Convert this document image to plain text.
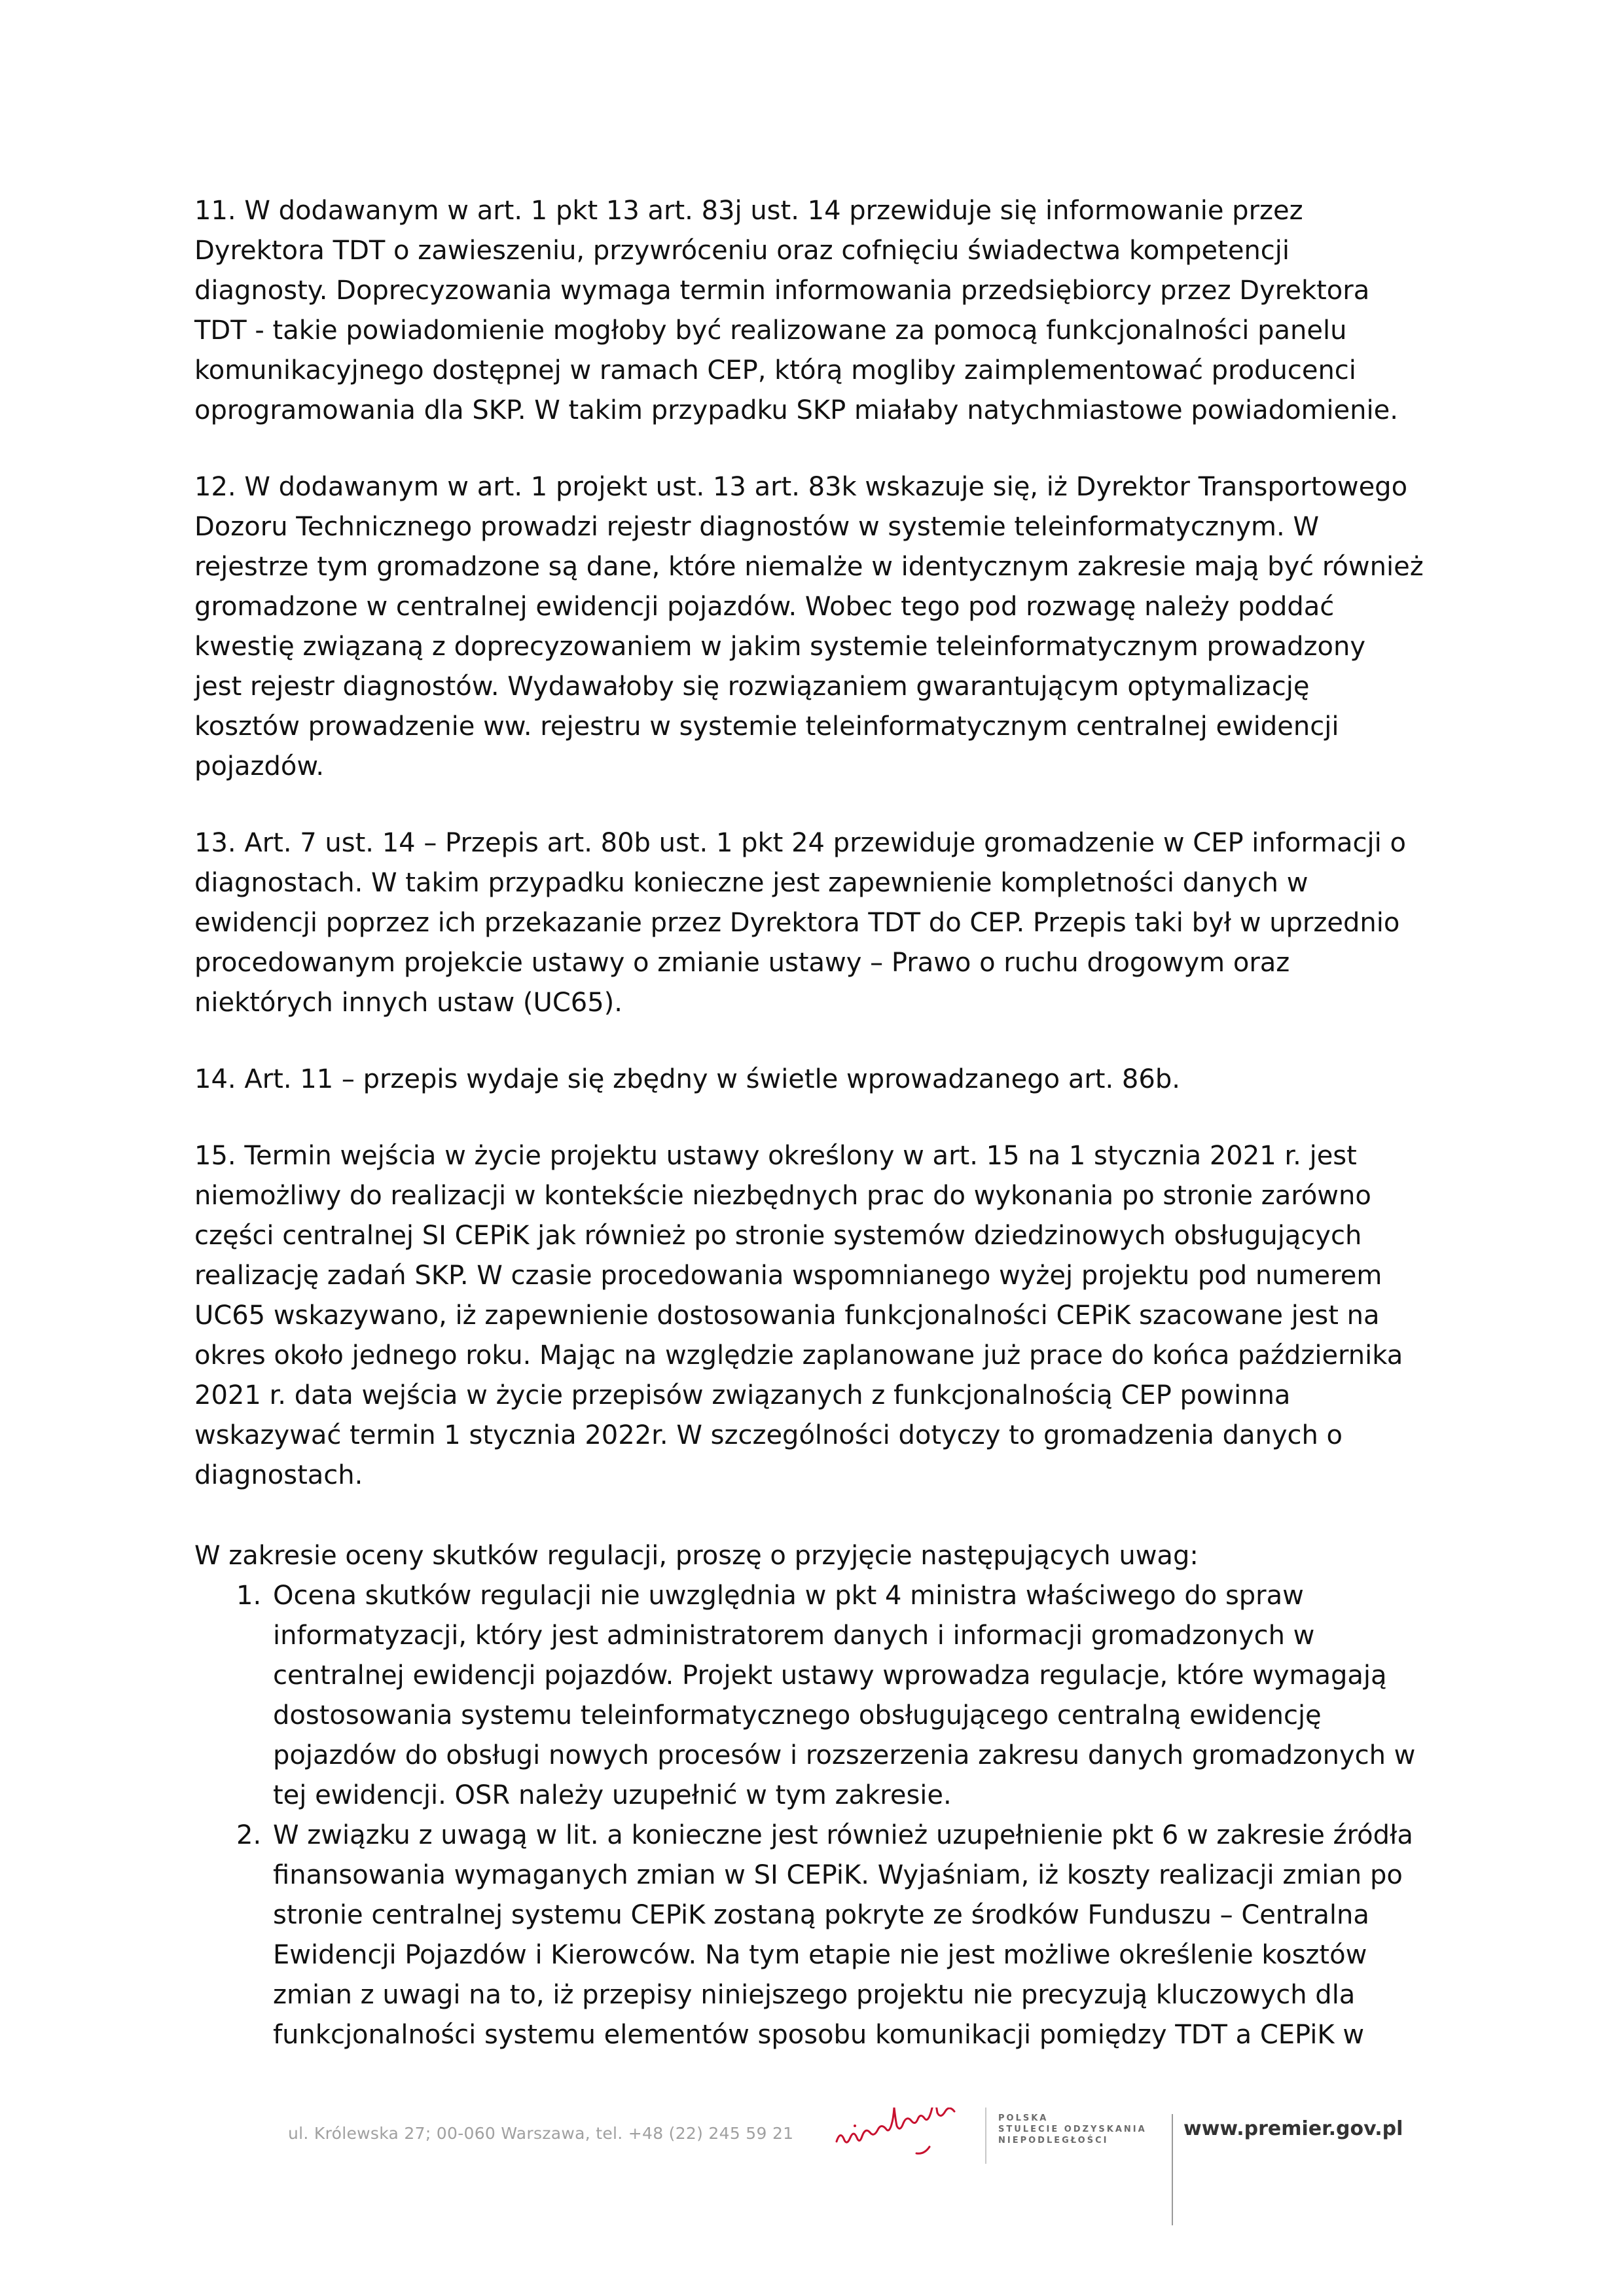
11. W dodawanym w art. 1 pkt 13 art. 83j ust. 14 przewiduje się informowanie przez
Dyrektora TDT o zawieszeniu, przywróceniu oraz cofnięciu świadectwa kompetencji
diagnosty. Doprecyzowania wymaga termin informowania przedsiębiorcy przez Dyrektora
TDT - takie powiadomienie mogłoby być realizowane za pomocą funkcjonalności panelu
komunikacyjnego dostępnej w ramach CEP, którą mogliby zaimplementować producenci
oprogramowania dla SKP. W takim przypadku SKP miałaby natychmiastowe powiadomienie.
12. W dodawanym w art. 1 projekt ust. 13 art. 83k wskazuje się, iż Dyrektor Transportowego
Dozoru Technicznego prowadzi rejestr diagnostów w systemie teleinformatycznym. W
rejestrze tym gromadzone są dane, które niemalże w identycznym zakresie mają być również
gromadzone w centralnej ewidencji pojazdów. Wobec tego pod rozwagę należy poddać
kwestię związaną z doprecyzowaniem w jakim systemie teleinformatycznym prowadzony
jest rejestr diagnostów. Wydawałoby się rozwiązaniem gwarantującym optymalizację
kosztów prowadzenie ww. rejestru w systemie teleinformatycznym centralnej ewidencji
pojazdów.
13. Art. 7 ust. 14 – Przepis art. 80b ust. 1 pkt 24 przewiduje gromadzenie w CEP informacji o
diagnostach. W takim przypadku konieczne jest zapewnienie kompletności danych w
ewidencji poprzez ich przekazanie przez Dyrektora TDT do CEP. Przepis taki był w uprzednio
procedowanym projekcie ustawy o zmianie ustawy – Prawo o ruchu drogowym oraz
niektórych innych ustaw (UC65).
14. Art. 11 – przepis wydaje się zbędny w świetle wprowadzanego art. 86b.
15. Termin wejścia w życie projektu ustawy określony w art. 15 na 1 stycznia 2021 r. jest
niemożliwy do realizacji w kontekście niezbędnych prac do wykonania po stronie zarówno
części centralnej SI CEPiK jak również po stronie systemów dziedzinowych obsługujących
realizację zadań SKP. W czasie procedowania wspomnianego wyżej projektu pod numerem
UC65 wskazywano, iż zapewnienie dostosowania funkcjonalności CEPiK szacowane jest na
okres około jednego roku. Mając na względzie zaplanowane już prace do końca października
2021 r. data wejścia w życie przepisów związanych z funkcjonalnością CEP powinna
wskazywać termin 1 stycznia 2022r. W szczególności dotyczy to gromadzenia danych o
diagnostach.
W zakresie oceny skutków regulacji, proszę o przyjęcie następujących uwag:
1. Ocena skutków regulacji nie uwzględnia w pkt 4 ministra właściwego do spraw
informatyzacji, który jest administratorem danych i informacji gromadzonych w
centralnej ewidencji pojazdów. Projekt ustawy wprowadza regulacje, które wymagają
dostosowania systemu teleinformatycznego obsługującego centralną ewidencję
pojazdów do obsługi nowych procesów i rozszerzenia zakresu danych gromadzonych w
tej ewidencji. OSR należy uzupełnić w tym zakresie.
2. W związku z uwagą w lit. a konieczne jest również uzupełnienie pkt 6 w zakresie źródła
finansowania wymaganych zmian w SI CEPiK. Wyjaśniam, iż koszty realizacji zmian po
stronie centralnej systemu CEPiK zostaną pokryte ze środków Funduszu – Centralna
Ewidencji Pojazdów i Kierowców. Na tym etapie nie jest możliwe określenie kosztów
zmian z uwagi na to, iż przepisy niniejszego projektu nie precyzują kluczowych dla
funkcjonalności systemu elementów sposobu komunikacji pomiędzy TDT a CEPiK w
ul. Królewska 27; 00-060 Warszawa, tel. +48 (22) 245 59 21
POLSKA
STULECIE ODZYSKANIA
NIEPODLEGŁOŚCI
www.premier.gov.pl
